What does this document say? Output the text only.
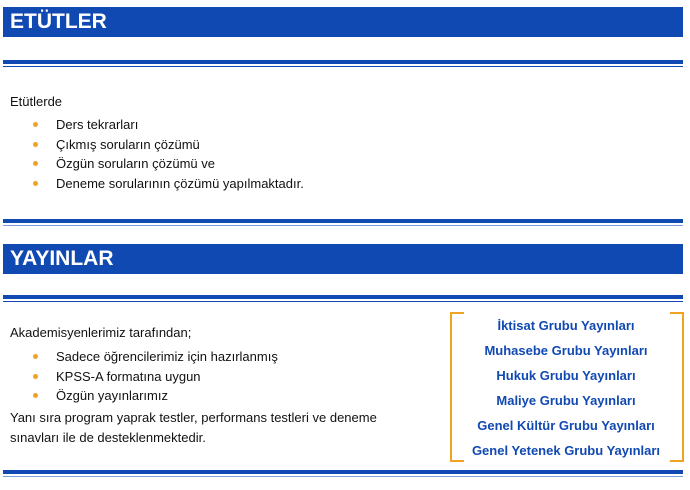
ETÜTLER
Etütlerde
Ders tekrarları
Çıkmış soruların çözümü
Özgün soruların çözümü ve
Deneme sorularının çözümü yapılmaktadır.
YAYINLAR
Akademisyenlerimiz tarafından;
Sadece öğrencilerimiz için hazırlanmış
KPSS-A formatına uygun
Özgün yayınlarımız
Yanı sıra program yaprak testler, performans testleri ve deneme
sınavları ile de desteklenmektedir.
İktisat Grubu Yayınları
Muhasebe Grubu Yayınları
Hukuk Grubu Yayınları
Maliye Grubu Yayınları
Genel Kültür Grubu Yayınları
Genel Yetenek Grubu Yayınları
